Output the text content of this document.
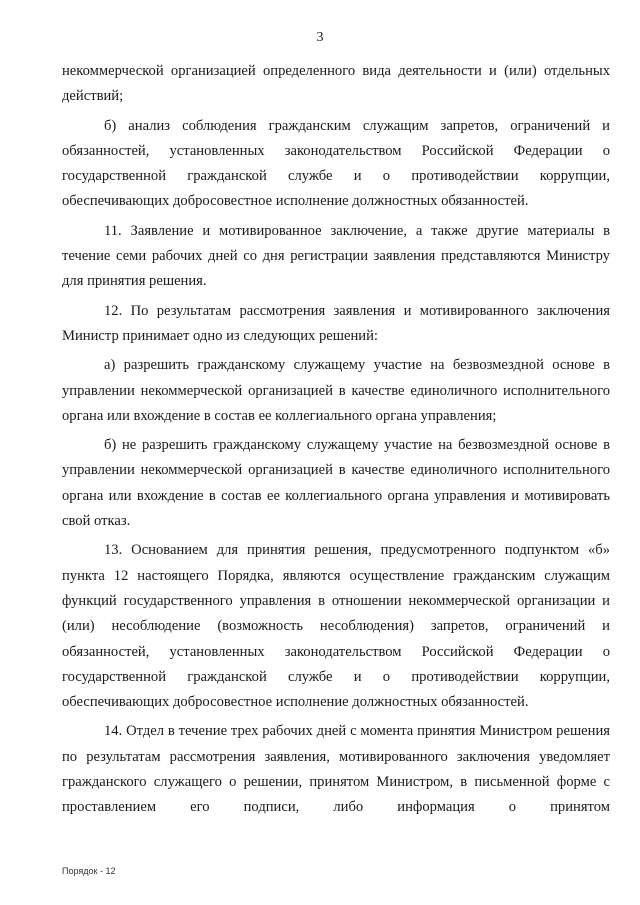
3

некоммерческой организацией определенного вида деятельности и (или) отдельных действий;

б) анализ соблюдения гражданским служащим запретов, ограничений и обязанностей, установленных законодательством Российской Федерации о государственной гражданской службе и о противодействии коррупции, обеспечивающих добросовестное исполнение должностных обязанностей.

11. Заявление и мотивированное заключение, а также другие материалы в течение семи рабочих дней со дня регистрации заявления представляются Министру для принятия решения.

12. По результатам рассмотрения заявления и мотивированного заключения Министр принимает одно из следующих решений:

а) разрешить гражданскому служащему участие на безвозмездной основе в управлении некоммерческой организацией в качестве единоличного исполнительного органа или вхождение в состав ее коллегиального органа управления;

б) не разрешить гражданскому служащему участие на безвозмездной основе в управлении некоммерческой организацией в качестве единоличного исполнительного органа или вхождение в состав ее коллегиального органа управления и мотивировать свой отказ.

13. Основанием для принятия решения, предусмотренного подпунктом «б» пункта 12 настоящего Порядка, являются осуществление гражданским служащим функций государственного управления в отношении некоммерческой организации и (или) несоблюдение (возможность несоблюдения) запретов, ограничений и обязанностей, установленных законодательством Российской Федерации о государственной гражданской службе и о противодействии коррупции, обеспечивающих добросовестное исполнение должностных обязанностей.

14. Отдел в течение трех рабочих дней с момента принятия Министром решения по результатам рассмотрения заявления, мотивированного заключения уведомляет гражданского служащего о решении, принятом Министром, в письменной форме с проставлением его подписи, либо информация о принятом

Порядок - 12
